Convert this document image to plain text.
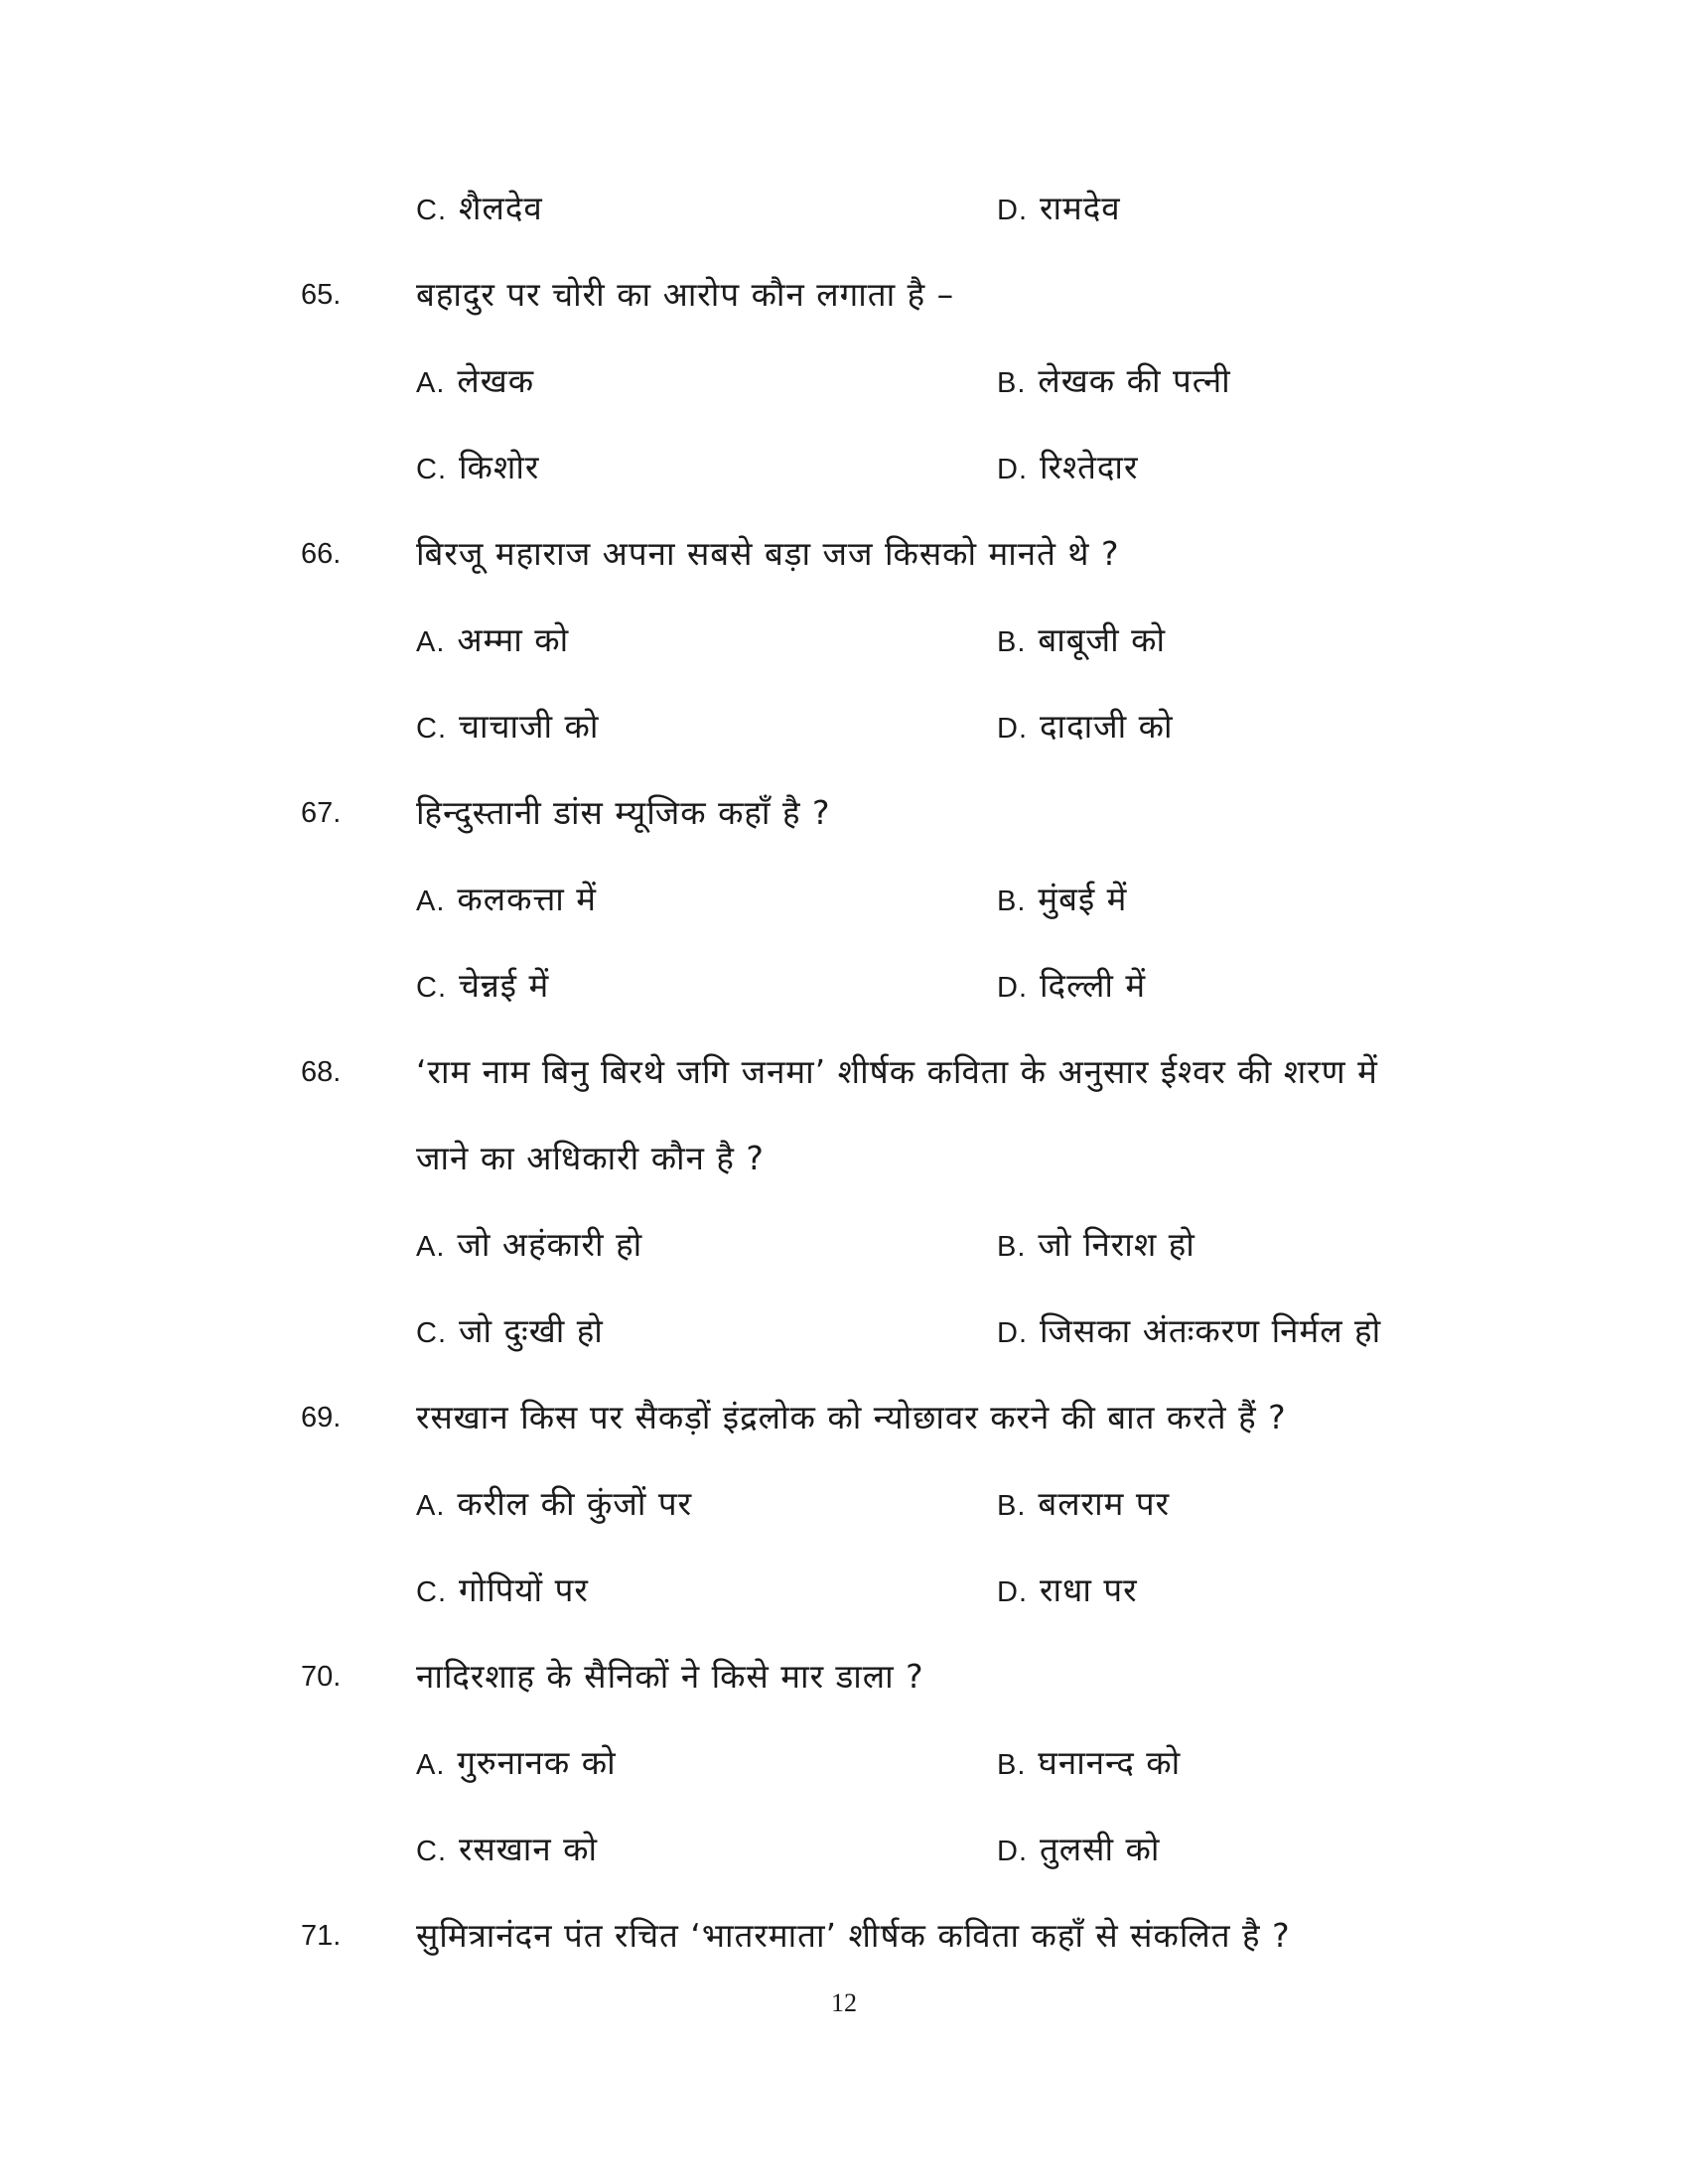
C. शैलदेव	D. रामदेव
65. बहादुर पर चोरी का आरोप कौन लगाता है –
A. लेखक	B. लेखक की पत्नी
C. किशोर	D. रिश्तेदार
66. बिरजू महाराज अपना सबसे बड़ा जज किसको मानते थे ?
A. अम्मा को	B. बाबूजी को
C. चाचाजी को	D. दादाजी को
67. हिन्दुस्तानी डांस म्यूजिक कहाँ है ?
A. कलकत्ता में	B. मुंबई में
C. चेन्नई में	D. दिल्ली में
68. ‘राम नाम बिनु बिरथे जगि जनमा’ शीर्षक कविता के अनुसार ईश्वर की शरण में
जाने का अधिकारी कौन है ?
A. जो अहंकारी हो	B. जो निराश हो
C. जो दुःखी हो	D. जिसका अंतःकरण निर्मल हो
69. रसखान किस पर सैकड़ों इंद्रलोक को न्योछावर करने की बात करते हैं ?
A. करील की कुंजों पर	B. बलराम पर
C. गोपियों पर	D. राधा पर
70. नादिरशाह के सैनिकों ने किसे मार डाला ?
A. गुरुनानक को	B. घनानन्द को
C. रसखान को	D. तुलसी को
71. सुमित्रानंदन पंत रचित ‘भातरमाता’ शीर्षक कविता कहाँ से संकलित है ?
12
